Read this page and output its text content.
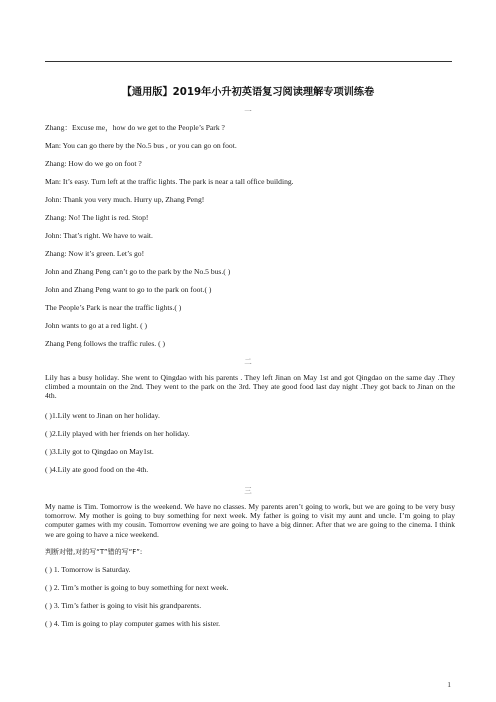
【通用版】2019年小升初英语复习阅读理解专项训练卷
一
Zhang：Excuse me，how do we get to the People’s Park ?
Man: You can go there by the No.5 bus , or you can go on foot.
Zhang: How do we go on foot ?
Man: It’s easy. Turn left at the traffic lights. The park is near a tall office building.
John: Thank you very much. Hurry up, Zhang Peng!
Zhang: No! The light is red. Stop!
John: That’s right. We have to wait.
Zhang: Now it’s green. Let’s go!
John and Zhang Peng can’t go to the park by the No.5 bus.( )
John and Zhang Peng want to go to the park on foot.( )
The People’s Park is near the traffic lights.( )
John wants to go at a red light. ( )
Zhang Peng follows the traffic rules. ( )
二
Lily has a busy holiday. She went to Qingdao with his parents . They left Jinan on May 1st and got Qingdao on the same day .They climbed a mountain on the 2nd. They went to the park on the 3rd. They ate good food last day night .They got back to Jinan on the 4th.
( )1.Lily went to Jinan on her holiday.
( )2.Lily played with her friends on her holiday.
( )3.Lily got to Qingdao on May1st.
( )4.Lily ate good food on the 4th.
三
My name is Tim. Tomorrow is the weekend. We have no classes. My parents aren’t going to work, but we are going to be very busy tomorrow. My mother is going to buy something for next week. My father is going to visit my aunt and uncle. I’m going to play computer games with my cousin. Tomorrow evening we are going to have a big dinner. After that we are going to the cinema. I think we are going to have a nice weekend.
判断对错,对的写“T”错的写“F”:
( ) 1. Tomorrow is Saturday.
( ) 2. Tim’s mother is going to buy something for next week.
( ) 3. Tim’s father is going to visit his grandparents.
( ) 4. Tim is going to play computer games with his sister.
1
